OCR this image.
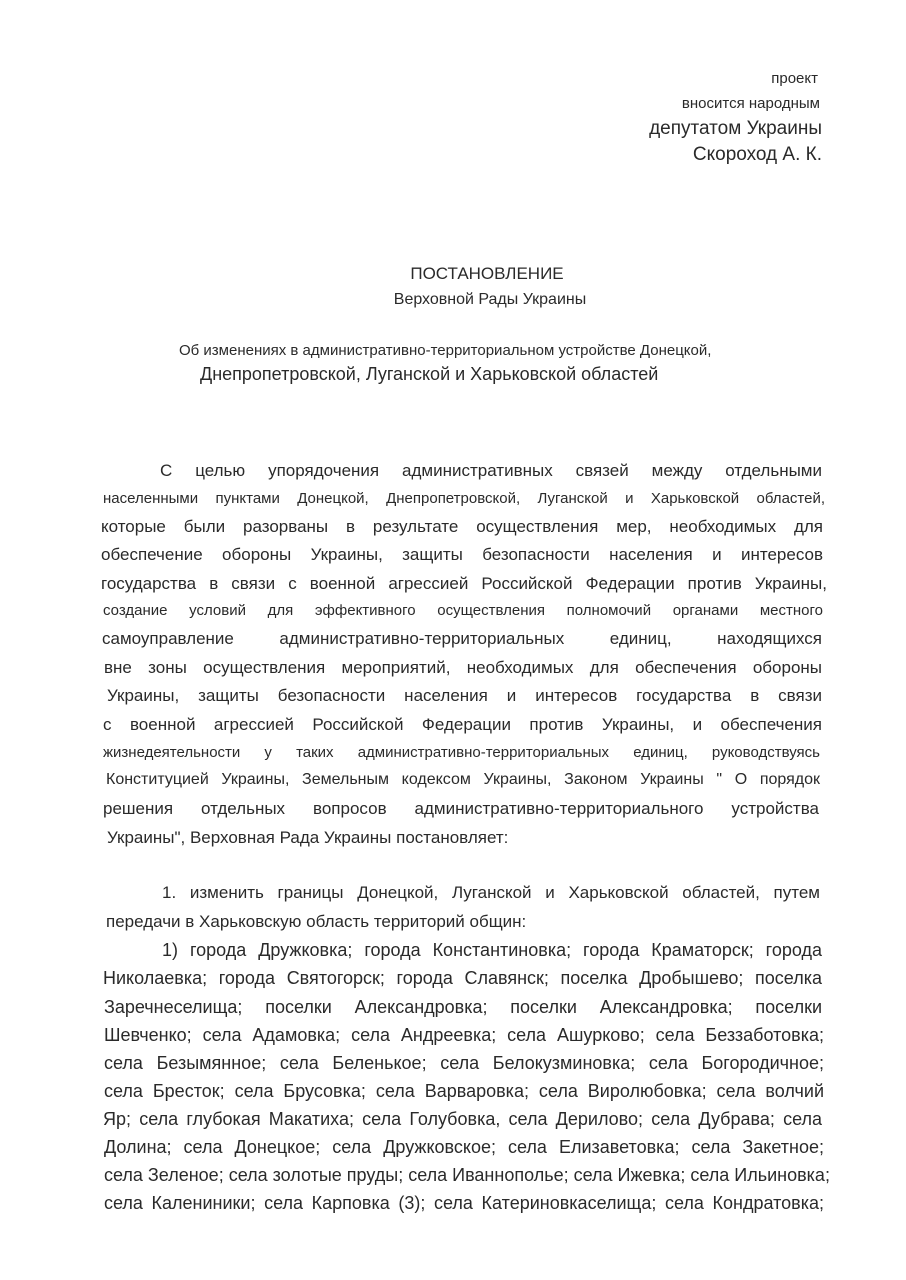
проект
вносится народным
депутатом Украины
Скороход А. К.
ПОСТАНОВЛЕНИЕ
Верховной Рады Украины
Об изменениях в административно-территориальном устройстве Донецкой,
Днепропетровской, Луганской и Харьковской областей
С целью упорядочения административных связей между отдельными
населенными пунктами Донецкой, Днепропетровской, Луганской и Харьковской областей,
которые были разорваны в результате осуществления мер, необходимых для
обеспечение обороны Украины, защиты безопасности населения и интересов
государства в связи с военной агрессией Российской Федерации против Украины,
создание условий для эффективного осуществления полномочий органами местного
самоуправление административно-территориальных единиц, находящихся
вне зоны осуществления мероприятий, необходимых для обеспечения обороны
Украины, защиты безопасности населения и интересов государства в связи
с военной агрессией Российской Федерации против Украины, и обеспечения
жизнедеятельности у таких административно-территориальных единиц, руководствуясь
Конституцией Украины, Земельным кодексом Украины, Законом Украины " О порядок
решения отдельных вопросов административно-территориального устройства
Украины", Верховная Рада Украины постановляет:
1. изменить границы Донецкой, Луганской и Харьковской областей, путем
передачи в Харьковскую область территорий общин:
1) города Дружковка; города Константиновка; города Краматорск; города
Николаевка; города Святогорск; города Славянск; поселка Дробышево; поселка
Заречнеселища; поселки Александровка; поселки Александровка; поселки
Шевченко; села Адамовка; села Андреевка; села Ашурково; села Беззаботовка;
села Безымянное; села Беленькое; села Белокузминовка; села Богородичное;
села Бресток; села Брусовка; села Варваровка; села Виролюбовка; села волчий
Яр; села глубокая Макатиха; села Голубовка, села Дерилово; села Дубрава; села
Долина; села Донецкое; села Дружковское; села Елизаветовка; села Закетное;
села Зеленое; села золотые пруды; села Иваннополье; села Ижевка; села Ильиновка;
села Калениники; села Карповка (3); села Катериновкаселища; села Кондратовка;
